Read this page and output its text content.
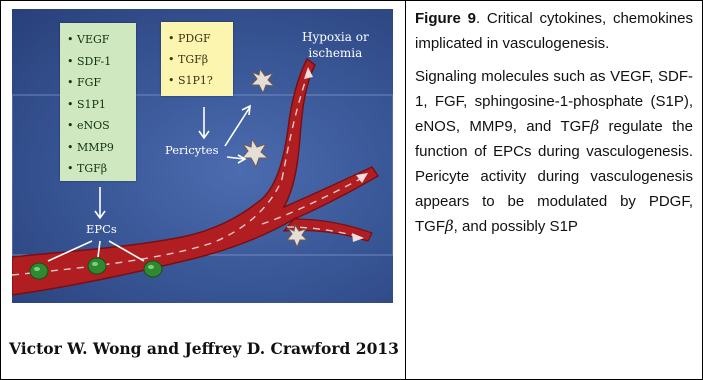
• VEGF
• SDF-1
• FGF
• S1P1
• eNOS
• MMP9
• TGFβ
• PDGF
• TGFβ
• S1P1?
Hypoxia or
ischemia
Pericytes
EPCs
Victor W. Wong and Jeffrey D. Crawford 2013
Figure 9. Critical cytokines, chemokines implicated in vasculogenesis.
Signaling molecules such as VEGF, SDF-1, FGF, sphingosine-1-phosphate (S1P), eNOS, MMP9, and TGFβ regulate the function of EPCs during vasculogenesis. Pericyte activity during vasculogenesis appears to be modulated by PDGF, TGFβ, and possibly S1P
